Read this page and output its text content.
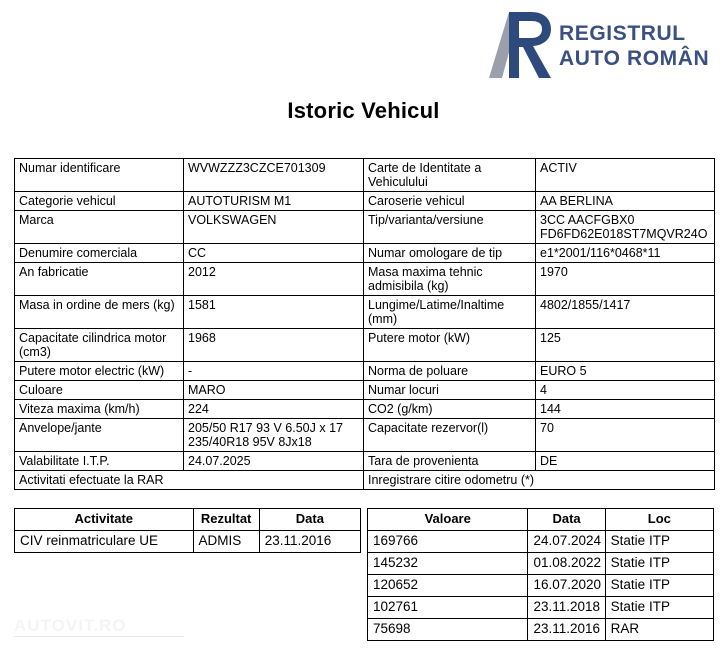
REGISTRUL
AUTO ROMÂN
Istoric Vehicul
Numar identificare	WVWZZZ3CZCE701309	Carte de Identitate a Vehiculului	ACTIV
Categorie vehicul	AUTOTURISM M1	Caroserie vehicul	AA BERLINA
Marca	VOLKSWAGEN	Tip/varianta/versiune	3CC AACFGBX0 FD6FD62E018ST7MQVR24O
Denumire comerciala	CC	Numar omologare de tip	e1*2001/116*0468*11
An fabricatie	2012	Masa maxima tehnic admisibila (kg)	1970
Masa in ordine de mers (kg)	1581	Lungime/Latime/Inaltime (mm)	4802/1855/1417
Capacitate cilindrica motor (cm3)	1968	Putere motor (kW)	125
Putere motor electric (kW)	-	Norma de poluare	EURO 5
Culoare	MARO	Numar locuri	4
Viteza maxima (km/h)	224	CO2 (g/km)	144
Anvelope/jante	205/50 R17 93 V 6.50J x 17 235/40R18 95V 8Jx18	Capacitate rezervor(l)	70
Valabilitate I.T.P.	24.07.2025	Tara de provenienta	DE
Activitati efectuate la RAR		Inregistrare citire odometru (*)	
Activitate	Rezultat	Data
CIV reinmatriculare UE	ADMIS	23.11.2016
Valoare	Data	Loc
169766	24.07.2024	Statie ITP
145232	01.08.2022	Statie ITP
120652	16.07.2020	Statie ITP
102761	23.11.2018	Statie ITP
75698	23.11.2016	RAR
AUTOVIT.RO
